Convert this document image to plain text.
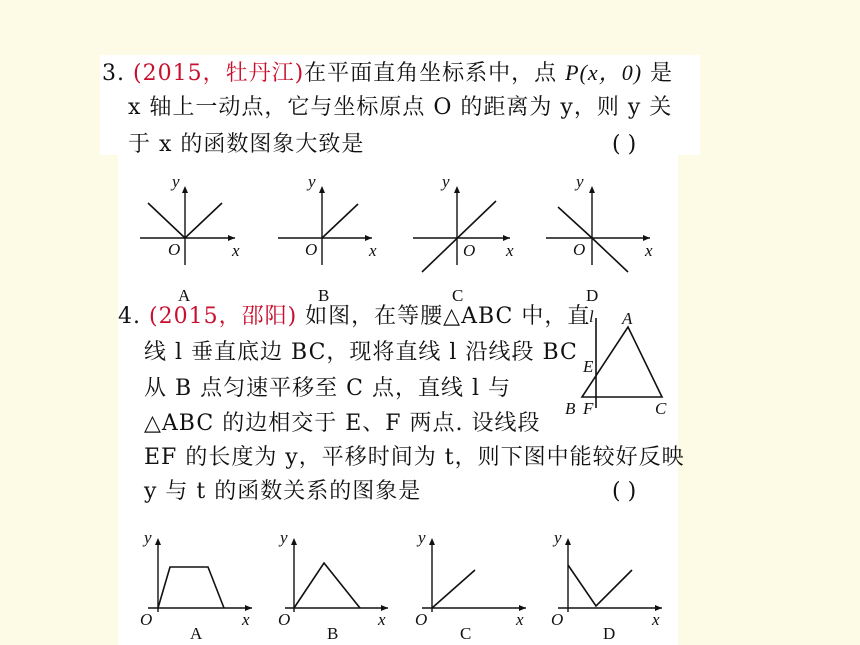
3. (2015，牡丹江)在平面直角坐标系中，点 P(x，0) 是
x 轴上一动点，它与坐标原点 O 的距离为 y，则 y 关
于 x 的函数图象大致是	( )
y
x
O
A
y
x
O
B
y
x
O
C
y
x
O
D
4. (2015，邵阳) 如图，在等腰△ABC 中，直
线 l 垂直底边 BC，现将直线 l 沿线段 BC
从 B 点匀速平移至 C 点，直线 l 与
△ABC 的边相交于 E、F 两点. 设线段
EF 的长度为 y，平移时间为 t，则下图中能较好反映
y 与 t 的函数关系的图象是	( )
l A
E
B F	C
y
x
O
A
y
x
O
B
y
x
O
C
y
x
O
D
